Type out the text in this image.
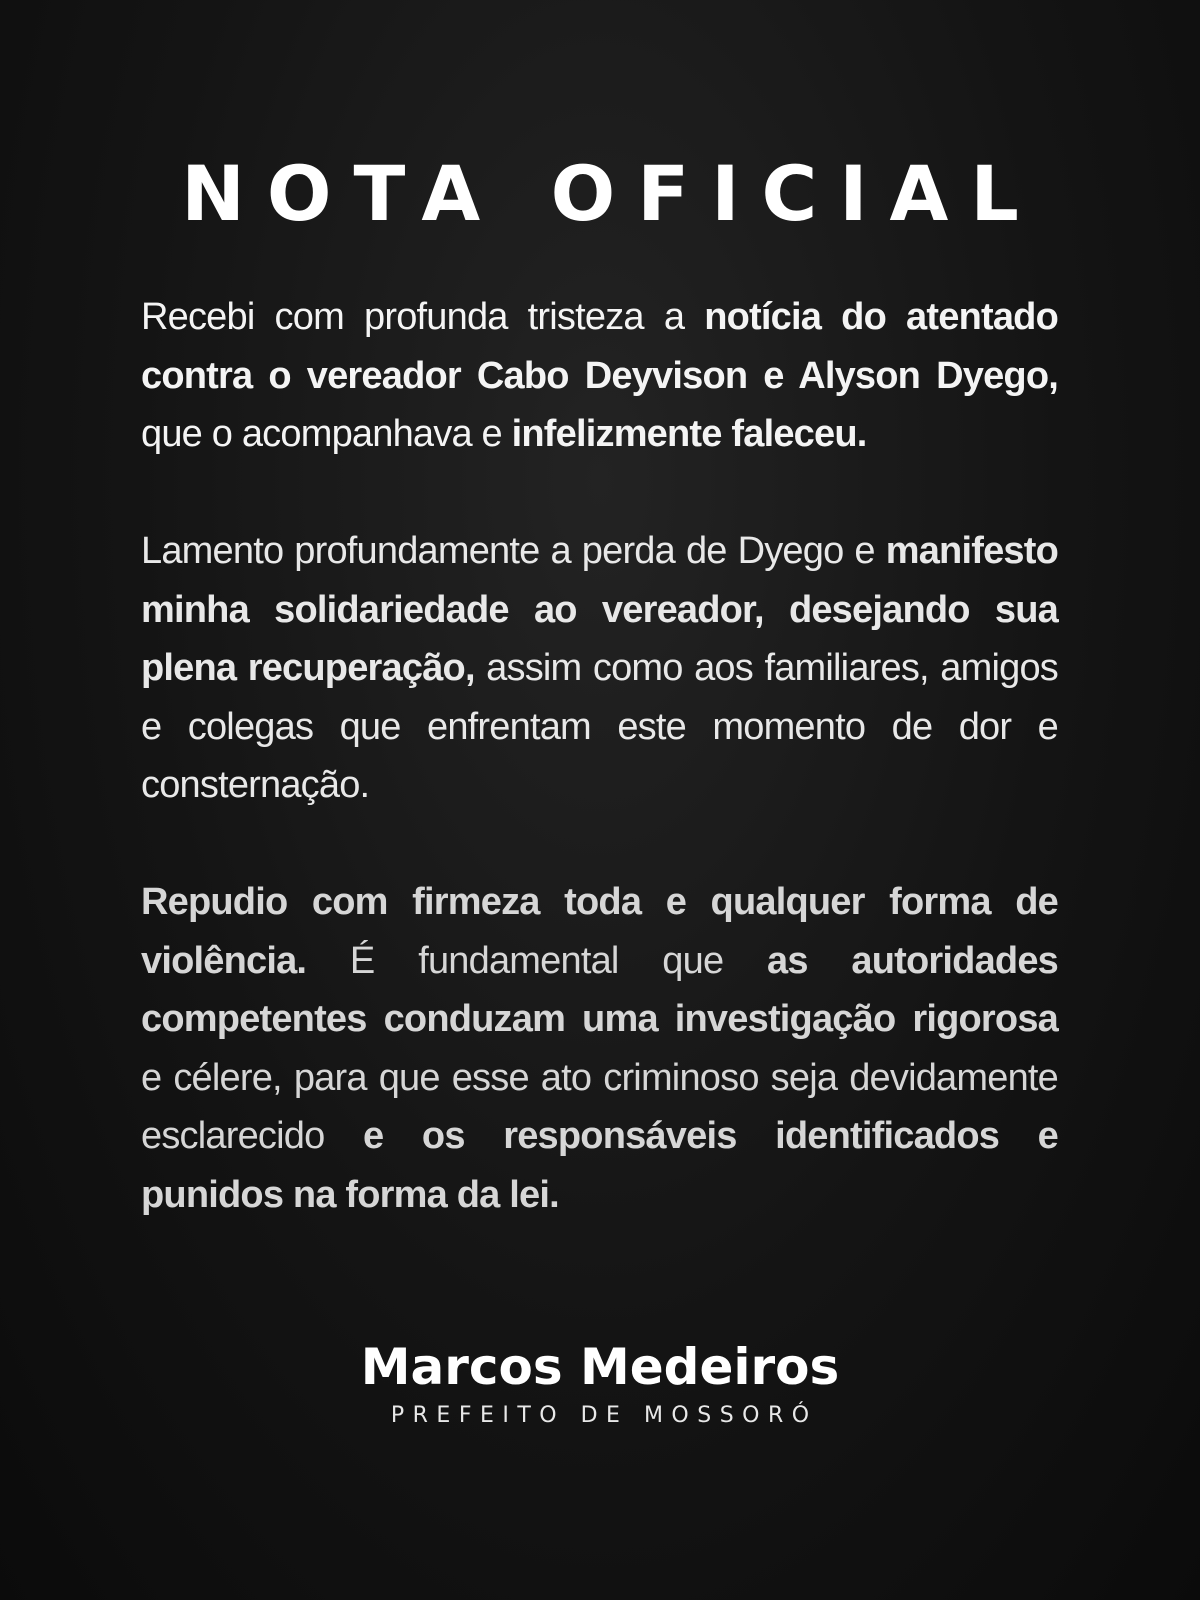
NOTA OFICIAL

Recebi com profunda tristeza a notícia do atentado contra o vereador Cabo Deyvison e Alyson Dyego, que o acompanhava e infelizmente faleceu.

Lamento profundamente a perda de Dyego e manifesto minha solidariedade ao vereador, desejando sua plena recuperação, assim como aos familiares, amigos e colegas que enfrentam este momento de dor e consternação.

Repudio com firmeza toda e qualquer forma de violência. É fundamental que as autoridades competentes conduzam uma investigação rigorosa e célere, para que esse ato criminoso seja devidamente esclarecido e os responsáveis identificados e punidos na forma da lei.

Marcos Medeiros
PREFEITO DE MOSSORÓ
